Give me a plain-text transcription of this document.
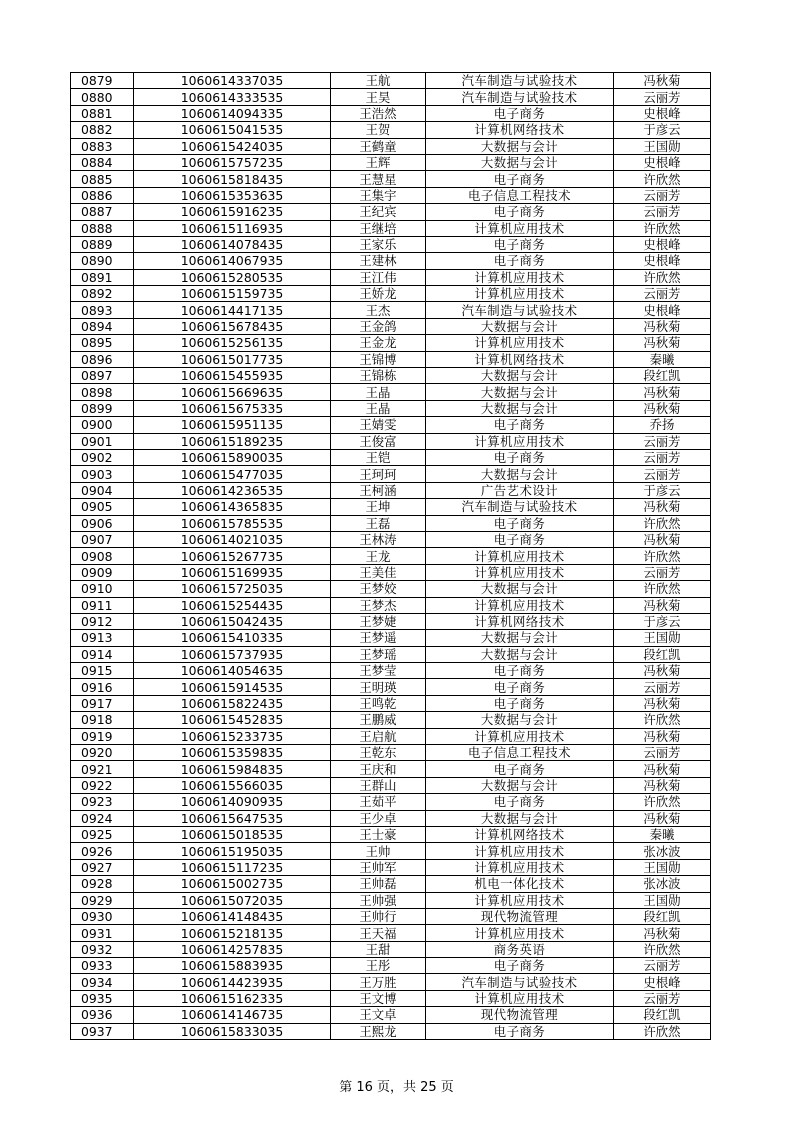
0879	1060614337035	王航	汽车制造与试验技术	冯秋菊
0880	1060614333535	王昊	汽车制造与试验技术	云丽芳
0881	1060614094335	王浩然	电子商务	史根峰
0882	1060615041535	王贺	计算机网络技术	于彦云
0883	1060615424035	王鹤童	大数据与会计	王国勋
0884	1060615757235	王辉	大数据与会计	史根峰
0885	1060615818435	王慧星	电子商务	许欣然
0886	1060615353635	王集宇	电子信息工程技术	云丽芳
0887	1060615916235	王纪宾	电子商务	云丽芳
0888	1060615116935	王继培	计算机应用技术	许欣然
0889	1060614078435	王家乐	电子商务	史根峰
0890	1060614067935	王建林	电子商务	史根峰
0891	1060615280535	王江伟	计算机应用技术	许欣然
0892	1060615159735	王娇龙	计算机应用技术	云丽芳
0893	1060614417135	王杰	汽车制造与试验技术	史根峰
0894	1060615678435	王金鸽	大数据与会计	冯秋菊
0895	1060615256135	王金龙	计算机应用技术	冯秋菊
0896	1060615017735	王锦博	计算机网络技术	秦曦
0897	1060615455935	王锦栋	大数据与会计	段红凯
0898	1060615669635	王晶	大数据与会计	冯秋菊
0899	1060615675335	王晶	大数据与会计	冯秋菊
0900	1060615951135	王婧雯	电子商务	乔扬
0901	1060615189235	王俊富	计算机应用技术	云丽芳
0902	1060615890035	王铠	电子商务	云丽芳
0903	1060615477035	王珂珂	大数据与会计	云丽芳
0904	1060614236535	王柯涵	广告艺术设计	于彦云
0905	1060614365835	王坤	汽车制造与试验技术	冯秋菊
0906	1060615785535	王磊	电子商务	许欣然
0907	1060614021035	王林涛	电子商务	冯秋菊
0908	1060615267735	王龙	计算机应用技术	许欣然
0909	1060615169935	王美佳	计算机应用技术	云丽芳
0910	1060615725035	王梦姣	大数据与会计	许欣然
0911	1060615254435	王梦杰	计算机应用技术	冯秋菊
0912	1060615042435	王梦婕	计算机网络技术	于彦云
0913	1060615410335	王梦遥	大数据与会计	王国勋
0914	1060615737935	王梦瑶	大数据与会计	段红凯
0915	1060614054635	王梦莹	电子商务	冯秋菊
0916	1060615914535	王明瑛	电子商务	云丽芳
0917	1060615822435	王鸣乾	电子商务	冯秋菊
0918	1060615452835	王鹏威	大数据与会计	许欣然
0919	1060615233735	王启航	计算机应用技术	冯秋菊
0920	1060615359835	王乾东	电子信息工程技术	云丽芳
0921	1060615984835	王庆和	电子商务	冯秋菊
0922	1060615566035	王群山	大数据与会计	冯秋菊
0923	1060614090935	王茹平	电子商务	许欣然
0924	1060615647535	王少卓	大数据与会计	冯秋菊
0925	1060615018535	王士豪	计算机网络技术	秦曦
0926	1060615195035	王帅	计算机应用技术	张冰波
0927	1060615117235	王帅军	计算机应用技术	王国勋
0928	1060615002735	王帅磊	机电一体化技术	张冰波
0929	1060615072035	王帅强	计算机应用技术	王国勋
0930	1060614148435	王帅行	现代物流管理	段红凯
0931	1060615218135	王天福	计算机应用技术	冯秋菊
0932	1060614257835	王甜	商务英语	许欣然
0933	1060615883935	王彤	电子商务	云丽芳
0934	1060614423935	王万胜	汽车制造与试验技术	史根峰
0935	1060615162335	王文博	计算机应用技术	云丽芳
0936	1060614146735	王文卓	现代物流管理	段红凯
0937	1060615833035	王熙龙	电子商务	许欣然
第 16 页，共 25 页
